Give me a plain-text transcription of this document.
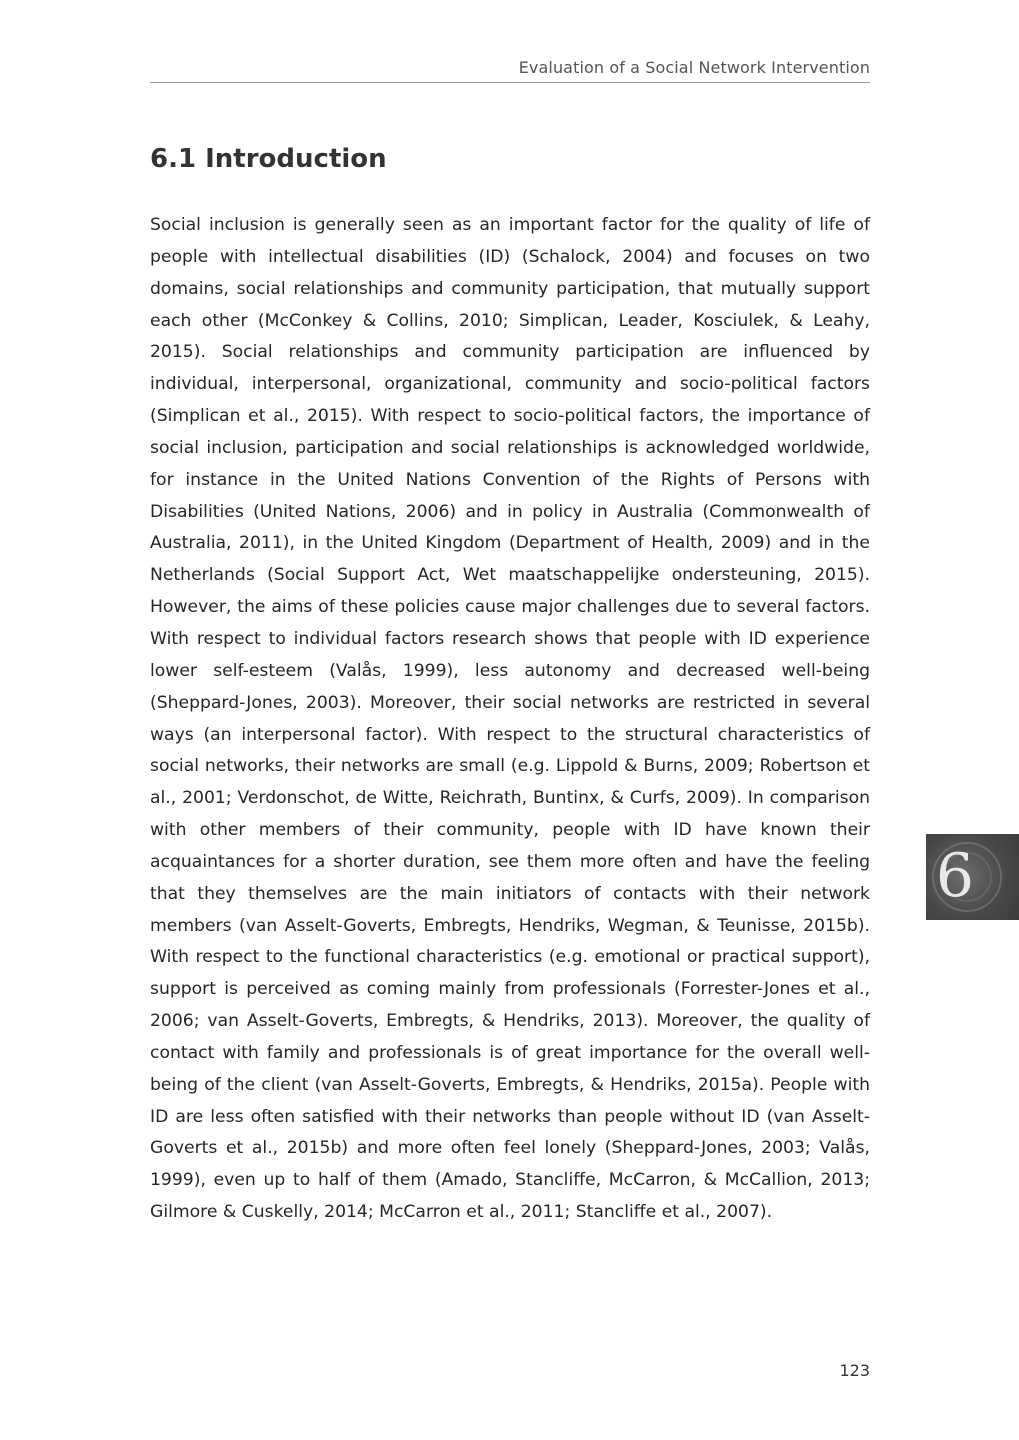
Evaluation of a Social Network Intervention
6.1 Introduction

Social inclusion is generally seen as an important factor for the quality of life of people with intellectual disabilities (ID) (Schalock, 2004) and focuses on two domains, social relationships and community participation, that mutually support each other (McConkey & Collins, 2010; Simplican, Leader, Kosciulek, & Leahy, 2015). Social relationships and community participation are influenced by individual, interpersonal, organizational, community and socio-political factors (Simplican et al., 2015). With respect to socio-political factors, the importance of social inclusion, participation and social relationships is acknowledged worldwide, for instance in the United Nations Convention of the Rights of Persons with Disabilities (United Nations, 2006) and in policy in Australia (Commonwealth of Australia, 2011), in the United Kingdom (Department of Health, 2009) and in the Netherlands (Social Support Act, Wet maatschappelijke ondersteuning, 2015). However, the aims of these policies cause major challenges due to several factors. With respect to individual factors research shows that people with ID experience lower self-esteem (Valås, 1999), less autonomy and decreased well-being (Sheppard-Jones, 2003). Moreover, their social networks are restricted in several ways (an interpersonal factor). With respect to the structural characteristics of social networks, their networks are small (e.g. Lippold & Burns, 2009; Robertson et al., 2001; Verdonschot, de Witte, Reichrath, Buntinx, & Curfs, 2009). In comparison with other members of their community, people with ID have known their acquaintances for a shorter duration, see them more often and have the feeling that they themselves are the main initiators of contacts with their network members (van Asselt-Goverts, Embregts, Hendriks, Wegman, & Teunisse, 2015b). With respect to the functional characteristics (e.g. emotional or practical support), support is perceived as coming mainly from professionals (Forrester-Jones et al., 2006; van Asselt-Goverts, Embregts, & Hendriks, 2013). Moreover, the quality of contact with family and professionals is of great importance for the overall well-being of the client (van Asselt-Goverts, Embregts, & Hendriks, 2015a). People with ID are less often satisfied with their networks than people without ID (van Asselt-Goverts et al., 2015b) and more often feel lonely (Sheppard-Jones, 2003; Valås, 1999), even up to half of them (Amado, Stancliffe, McCarron, & McCallion, 2013; Gilmore & Cuskelly, 2014; McCarron et al., 2011; Stancliffe et al., 2007).

6
123
